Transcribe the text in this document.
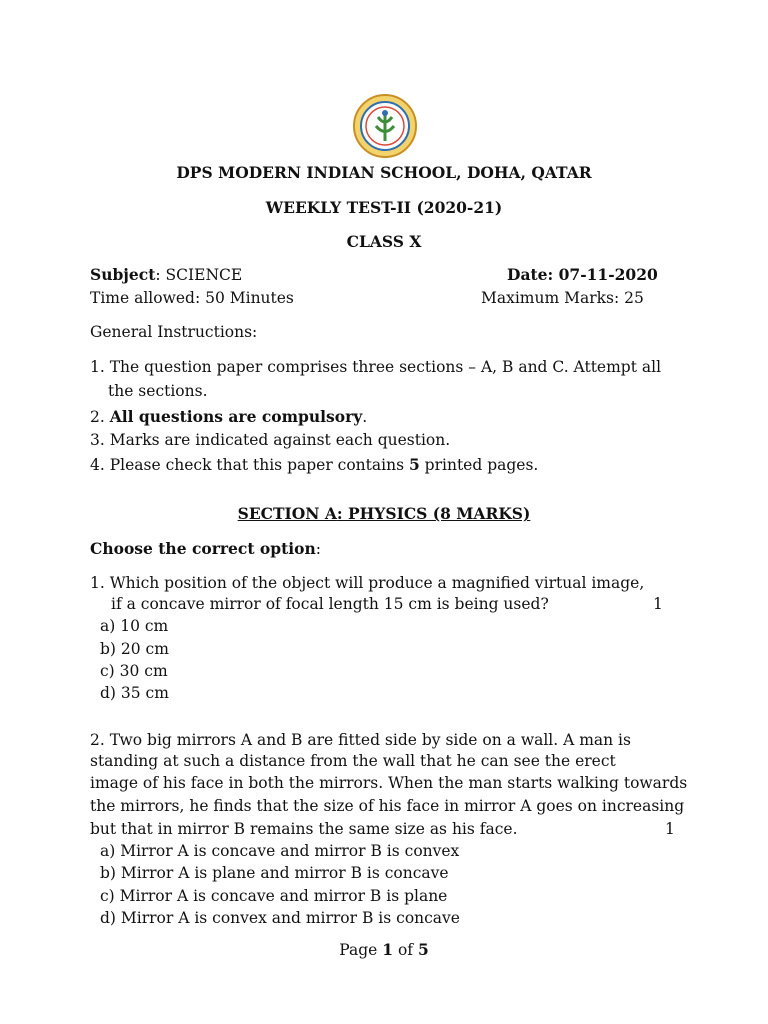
DPS MODERN INDIAN SCHOOL, DOHA, QATAR
WEEKLY TEST-II (2020-21)
CLASS X
Subject: SCIENCE	Date: 07-11-2020
Time allowed: 50 Minutes	Maximum Marks: 25
General Instructions:
1. The question paper comprises three sections – A, B and C. Attempt all
the sections.
2. All questions are compulsory.
3. Marks are indicated against each question.
4. Please check that this paper contains 5 printed pages.
SECTION A: PHYSICS (8 MARKS)
Choose the correct option:
1. Which position of the object will produce a magnified virtual image,
if a concave mirror of focal length 15 cm is being used?	1
a) 10 cm
b) 20 cm
c) 30 cm
d) 35 cm
2. Two big mirrors A and B are fitted side by side on a wall. A man is
standing at such a distance from the wall that he can see the erect
image of his face in both the mirrors. When the man starts walking towards
the mirrors, he finds that the size of his face in mirror A goes on increasing
but that in mirror B remains the same size as his face.	1
a) Mirror A is concave and mirror B is convex
b) Mirror A is plane and mirror B is concave
c) Mirror A is concave and mirror B is plane
d) Mirror A is convex and mirror B is concave
Page 1 of 5
